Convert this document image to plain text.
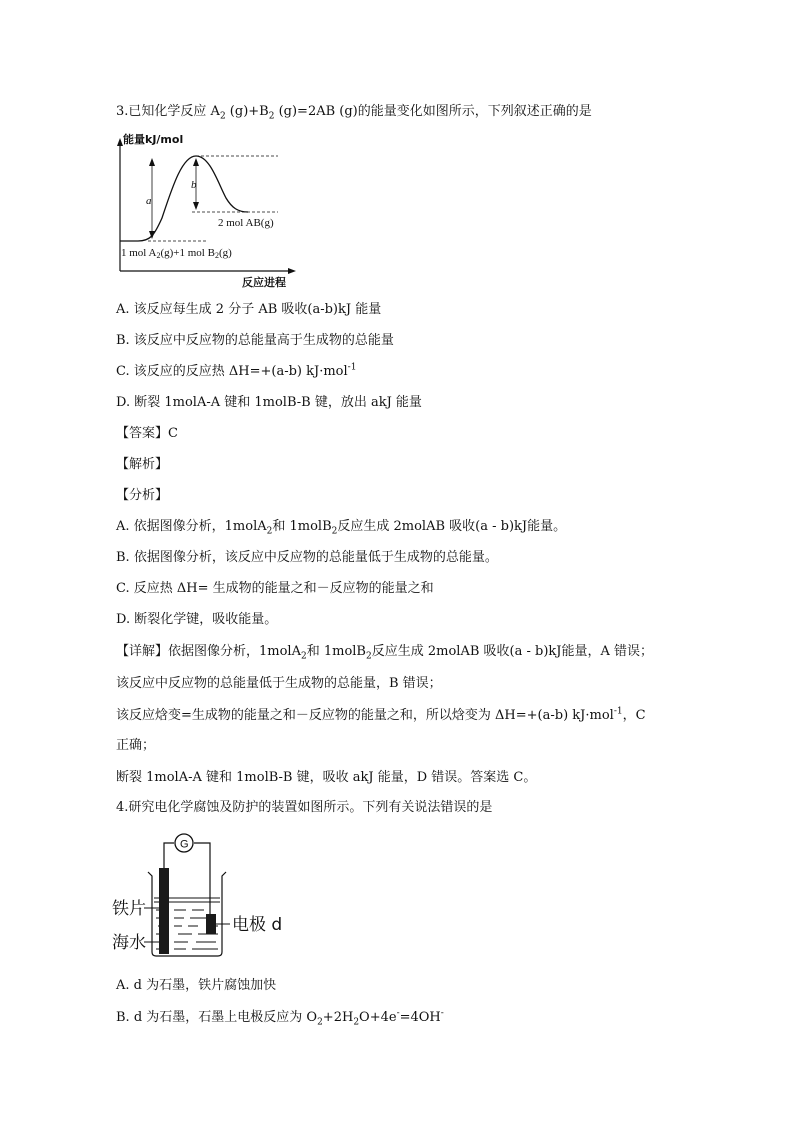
3.已知化学反应 $A_2$ $(g)+B_2$ (g)=2AB (g)的能量变化如图所示，下列叙述正确的是
能量kJ/mol
a
b
2 mol AB(g)
1 mol A2(g)+1 mol B2(g)
反应进程
A. 该反应每生成 2 分子 AB 吸收(a-b)kJ 能量
B. 该反应中反应物的总能量高于生成物的总能量
C. 该反应的反应热 ΔH=+(a-b) kJ·mol$^{-1}$
D. 断裂 1molA-A 键和 1molB-B 键，放出 akJ 能量
【答案】C
【解析】
【分析】
A. 依据图像分析，1molA$_2$和 1molB$_2$反应生成 2molAB 吸收(a - b)kJ能量。
B. 依据图像分析，该反应中反应物的总能量低于生成物的总能量。
C. 反应热 ΔH= 生成物的能量之和－反应物的能量之和
D. 断裂化学键，吸收能量。
【详解】依据图像分析，1molA$_2$和 1molB$_2$反应生成 2molAB 吸收(a - b)kJ能量，A 错误；
该反应中反应物的总能量低于生成物的总能量，B 错误；
该反应焓变=生成物的能量之和－反应物的能量之和，所以焓变为 ΔH=+(a-b) kJ·mol$^{-1}$，C
正确；
断裂 1molA-A 键和 1molB-B 键，吸收 akJ 能量，D 错误。答案选 C。
4.研究电化学腐蚀及防护的装置如图所示。下列有关说法错误的是
G
铁片
海水
电极 d
A. d 为石墨，铁片腐蚀加快
B. d 为石墨，石墨上电极反应为 $O_2+2H_2O+4e^-=4OH^-$
